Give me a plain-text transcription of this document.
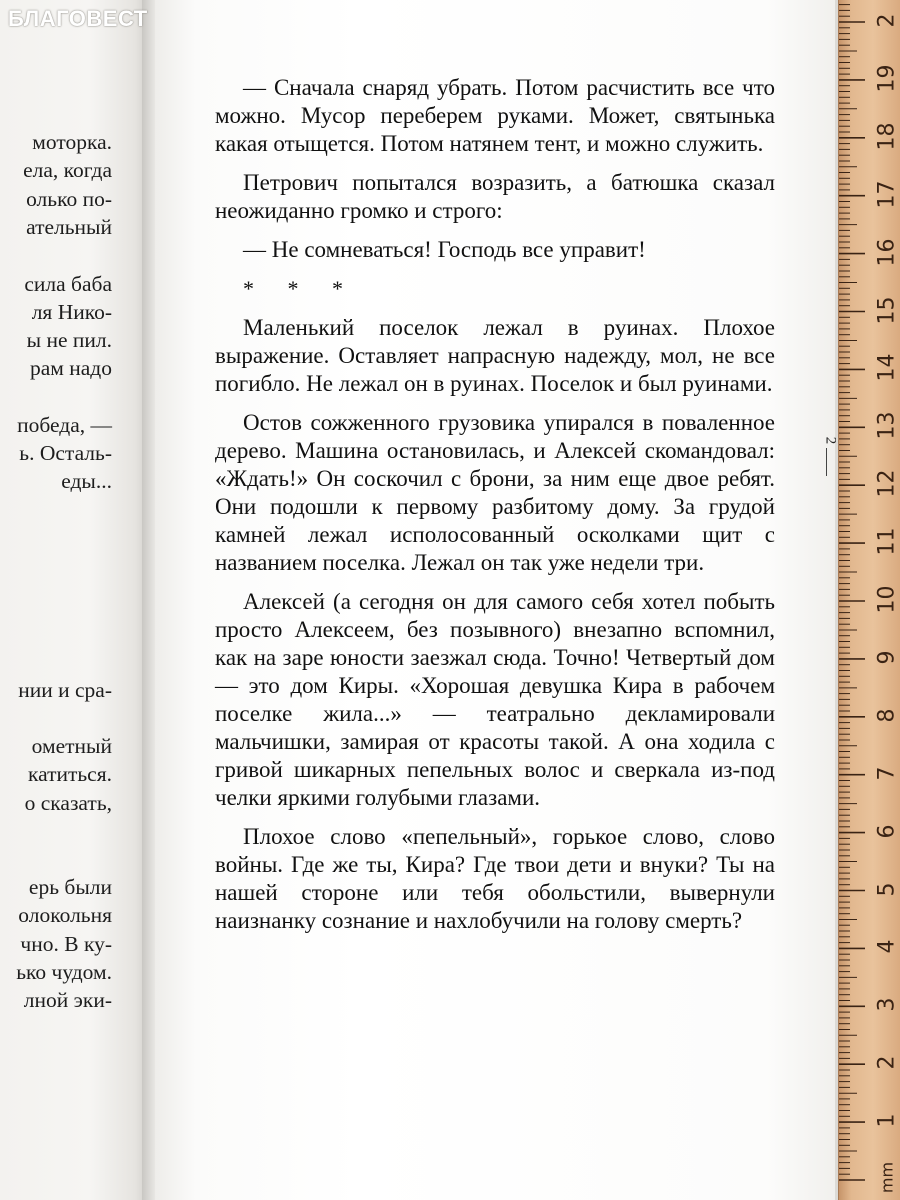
моторка.
ела, когда
олько по-
ательный
сила баба
ля Нико-
ы не пил.
рам надо
победа, —
ь. Осталь-
еды...
нии и сра-
ометный
катиться.
о сказать,
ерь были
олокольня
чно. В ку-
ько чудом.
лной эки-
БЛАГОВЕСТ

— Сначала снаряд убрать. Потом расчистить все что можно. Мусор переберем руками. Может, святынька какая отыщется. Потом натянем тент, и можно служить.

Петрович попытался возразить, а батюшка сказал неожиданно громко и строго:

— Не сомневаться! Господь все управит!

* * *

Маленький поселок лежал в руинах. Плохое выражение. Оставляет напрасную надежду, мол, не все погибло. Не лежал он в руинах. Поселок и был руинами.

Остов сожженного грузовика упирался в поваленное дерево. Машина остановилась, и Алексей скомандовал: «Ждать!» Он соскочил с брони, за ним еще двое ребят. Они подошли к первому разбитому дому. За грудой камней лежал исполосованный осколками щит с названием поселка. Лежал он так уже недели три.

Алексей (а сегодня он для самого себя хотел побыть просто Алексеем, без позывного) внезапно вспомнил, как на заре юности заезжал сюда. Точно! Четвертый дом — это дом Киры. «Хорошая девушка Кира в рабочем поселке жила...» — театрально декламировали мальчишки, замирая от красоты такой. А она ходила с гривой шикарных пепельных волос и сверкала из-под челки яркими голубыми глазами.

Плохое слово «пепельный», горькое слово, слово войны. Где же ты, Кира? Где твои дети и внуки? Ты на нашей стороне или тебя обольстили, вывернули наизнанку сознание и нахлобучили на голову смерть?

2
1
2
3
4
5
6
7
8
9
10
11
12
13
14
15
16
17
18
19
2
mm
